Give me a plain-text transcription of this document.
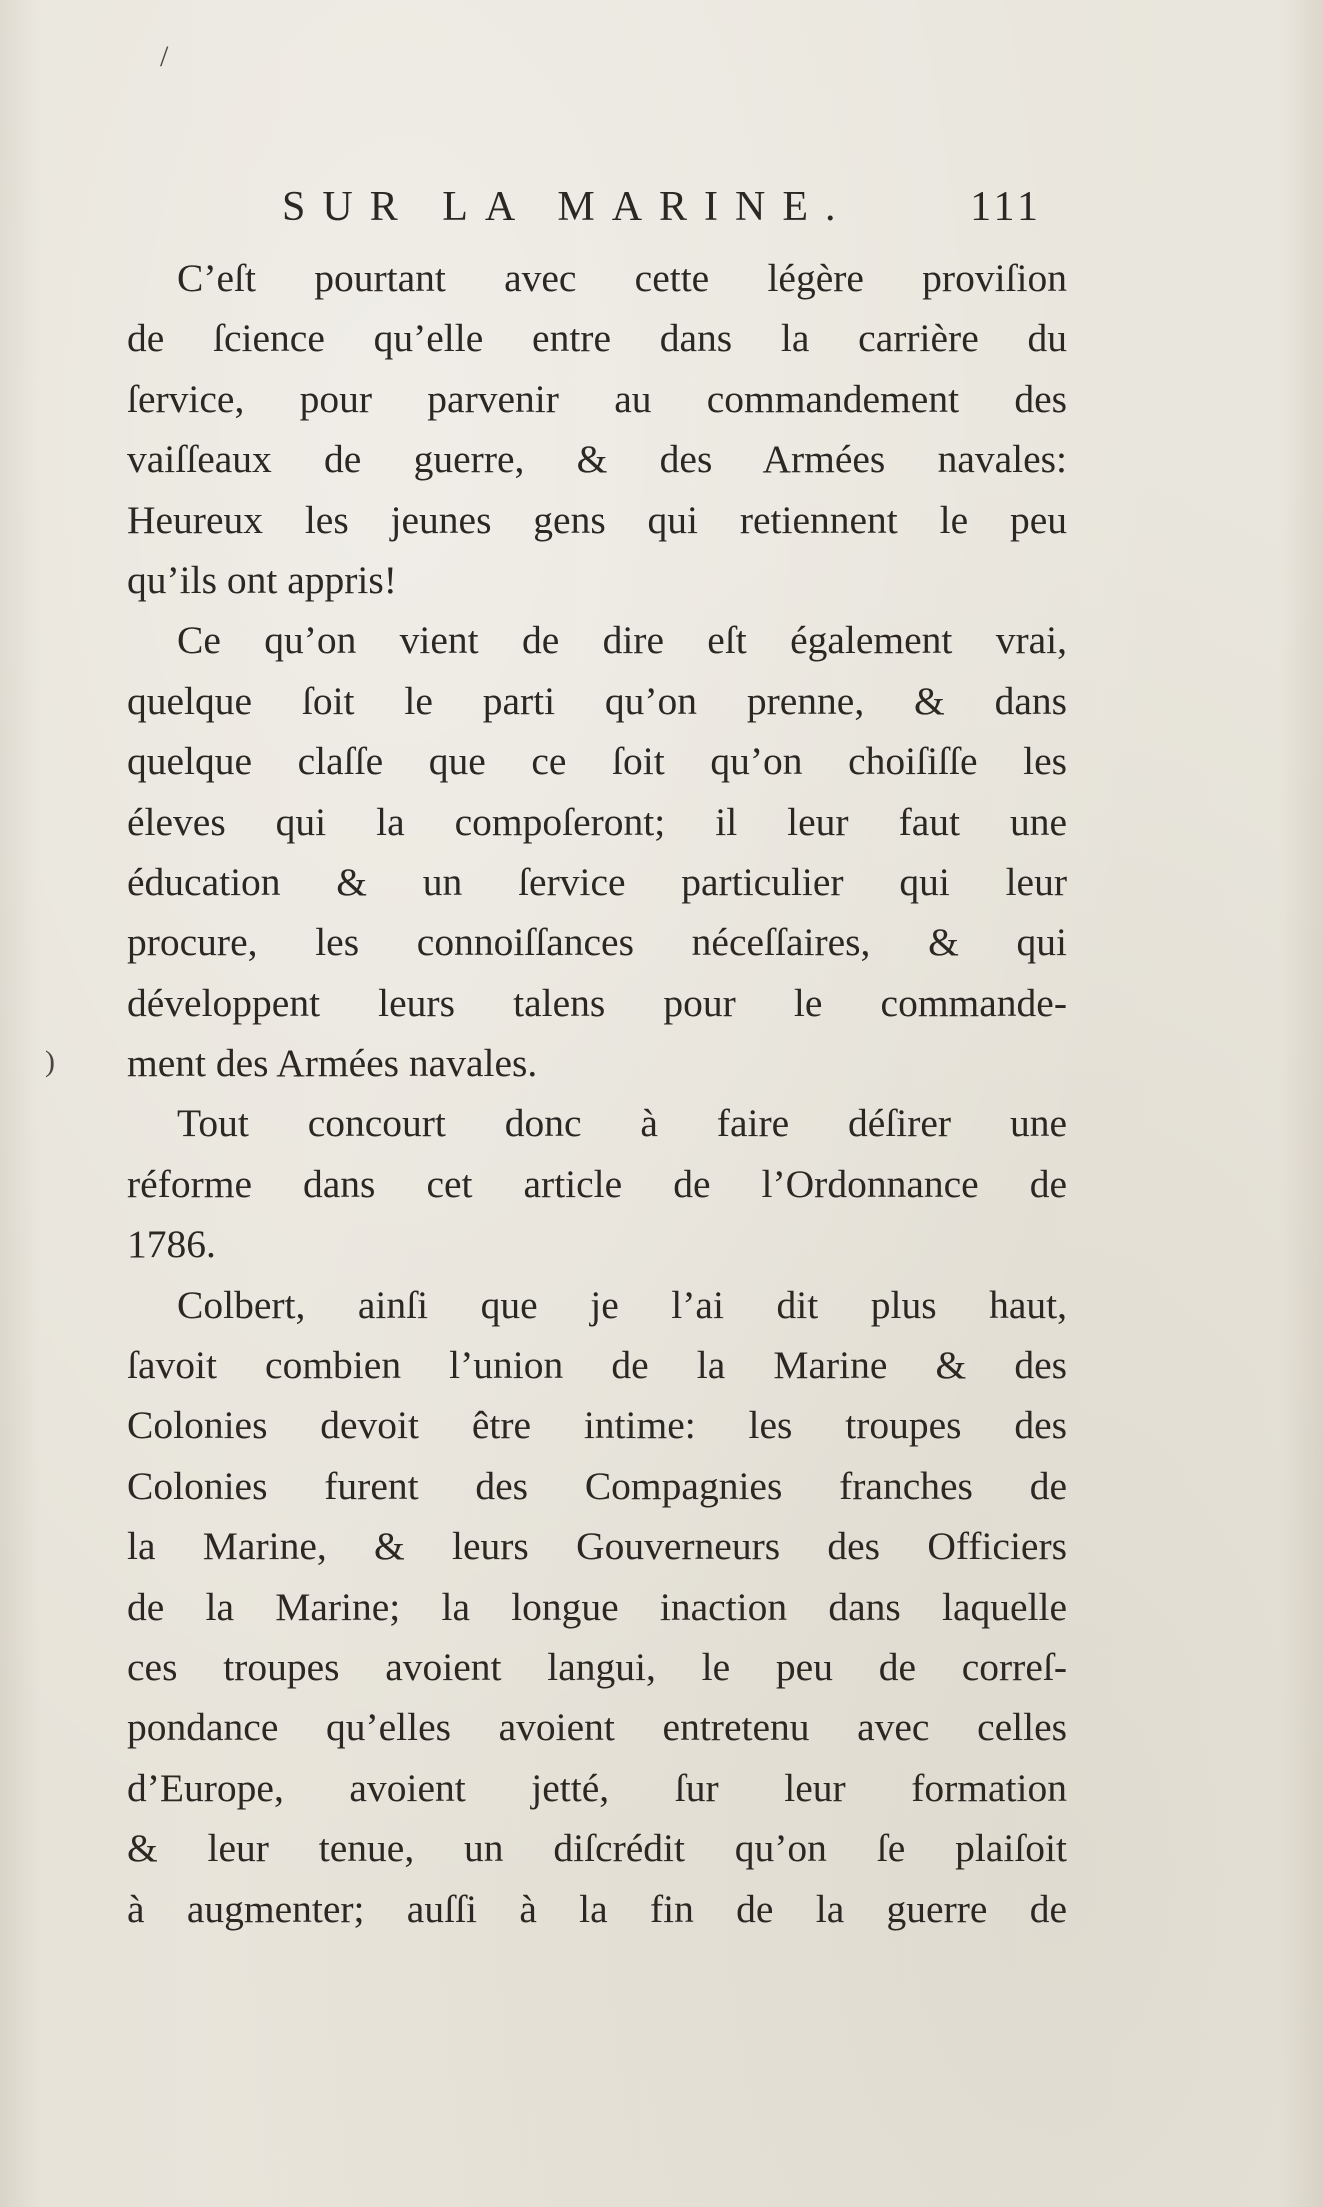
SUR LA MARINE.	111

C’eſt pourtant avec cette légère proviſion
de ſcience qu’elle entre dans la carrière du
ſervice, pour parvenir au commandement des
vaiſſeaux de guerre, & des Armées navales:
Heureux les jeunes gens qui retiennent le peu
qu’ils ont appris!

Ce qu’on vient de dire eſt également vrai,
quelque ſoit le parti qu’on prenne, & dans
quelque claſſe que ce ſoit qu’on choiſiſſe les
éleves qui la compoſeront; il leur faut une
éducation & un ſervice particulier qui leur
procure, les connoiſſances néceſſaires, & qui
développent leurs talens pour le commande-
ment des Armées navales.

Tout concourt donc à faire déſirer une
réforme dans cet article de l’Ordonnance de
1786.

Colbert, ainſi que je l’ai dit plus haut,
ſavoit combien l’union de la Marine & des
Colonies devoit être intime: les troupes des
Colonies furent des Compagnies franches de
la Marine, & leurs Gouverneurs des Officiers
de la Marine; la longue inaction dans laquelle
ces troupes avoient langui, le peu de correſ-
pondance qu’elles avoient entretenu avec celles
d’Europe, avoient jetté, ſur leur formation
& leur tenue, un diſcrédit qu’on ſe plaiſoit
à augmenter; auſſi à la fin de la guerre de

/
)
